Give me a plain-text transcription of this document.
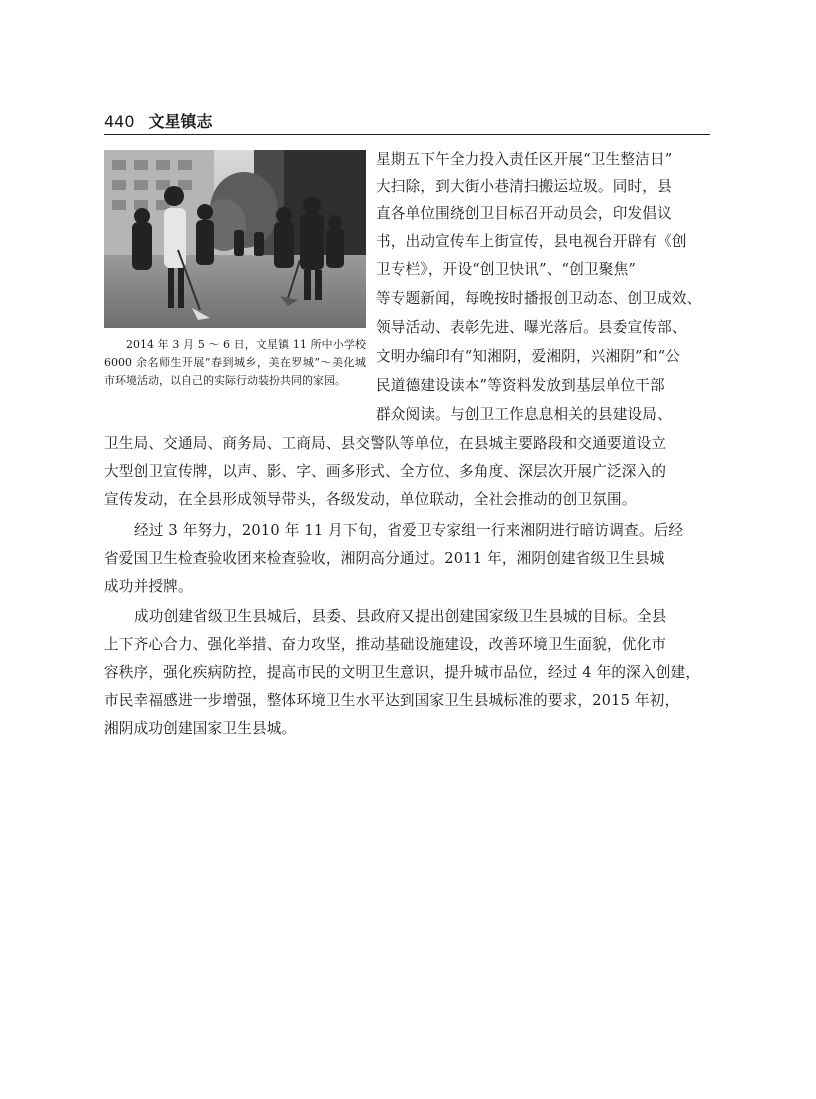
440 文星镇志
2014 年 3 月 5 ～ 6 日，文星镇 11 所中小学校 6000 余名师生开展“春到城乡，美在罗城”～美化城市环境活动，以自己的实际行动装扮共同的家园。
星期五下午全力投入责任区开展“卫生整洁日”
大扫除，到大街小巷清扫搬运垃圾。同时，县
直各单位围绕创卫目标召开动员会，印发倡议
书，出动宣传车上街宣传，县电视台开辟有《创
卫专栏》，开设“创卫快讯”、“创卫聚焦”
等专题新闻，每晚按时播报创卫动态、创卫成效、
领导活动、表彰先进、曝光落后。县委宣传部、
文明办编印有“知湘阴，爱湘阴，兴湘阴”和“公
民道德建设读本”等资料发放到基层单位干部
群众阅读。与创卫工作息息相关的县建设局、
卫生局、交通局、商务局、工商局、县交警队等单位，在县城主要路段和交通要道设立
大型创卫宣传牌，以声、影、字、画多形式、全方位、多角度、深层次开展广泛深入的
宣传发动，在全县形成领导带头，各级发动，单位联动，全社会推动的创卫氛围。
经过 3 年努力，2010 年 11 月下旬，省爱卫专家组一行来湘阴进行暗访调查。后经
省爱国卫生检查验收团来检查验收，湘阴高分通过。2011 年，湘阴创建省级卫生县城
成功并授牌。
成功创建省级卫生县城后，县委、县政府又提出创建国家级卫生县城的目标。全县
上下齐心合力、强化举措、奋力攻坚，推动基础设施建设，改善环境卫生面貌，优化市
容秩序，强化疾病防控，提高市民的文明卫生意识，提升城市品位，经过 4 年的深入创建，
市民幸福感进一步增强，整体环境卫生水平达到国家卫生县城标准的要求，2015 年初，
湘阴成功创建国家卫生县城。
